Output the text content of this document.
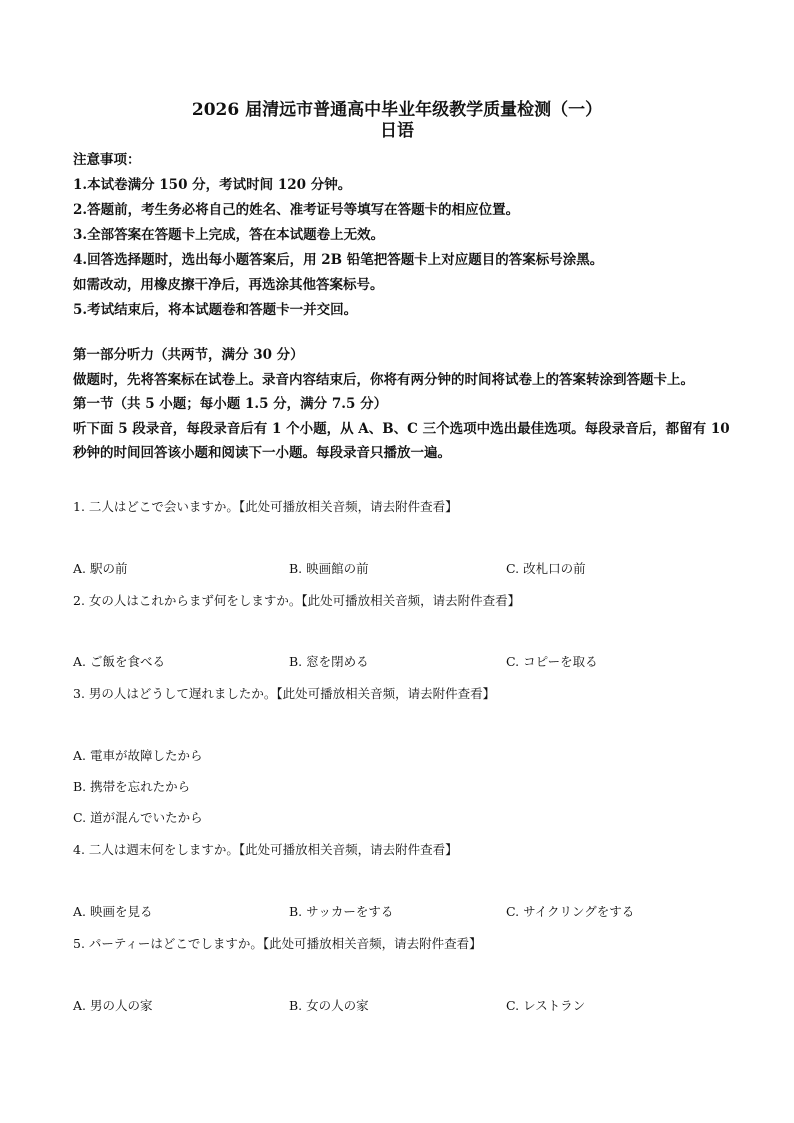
2026 届清远市普通高中毕业年级教学质量检测（一）
日语
注意事项：
1.本试卷满分 150 分，考试时间 120 分钟。
2.答题前，考生务必将自己的姓名、准考证号等填写在答题卡的相应位置。
3.全部答案在答题卡上完成，答在本试题卷上无效。
4.回答选择题时，选出每小题答案后，用 2B 铅笔把答题卡上对应题目的答案标号涂黑。
如需改动，用橡皮擦干净后，再选涂其他答案标号。
5.考试结束后，将本试题卷和答题卡一并交回。
第一部分听力（共两节，满分 30 分）
做题时，先将答案标在试卷上。录音内容结束后，你将有两分钟的时间将试卷上的答案转涂到答题卡上。
第一节（共 5 小题；每小题 1.5 分，满分 7.5 分）
听下面 5 段录音，每段录音后有 1 个小题，从 A、B、C 三个选项中选出最佳选项。每段录音后，都留有 10 秒钟的时间回答该小题和阅读下一小题。每段录音只播放一遍。
1. 二人はどこで会いますか。【此处可播放相关音频，请去附件查看】
A. 駅の前	B. 映画館の前	C. 改札口の前
2. 女の人はこれからまず何をしますか。【此处可播放相关音频，请去附件查看】
A. ご飯を食べる	B. 窓を閉める	C. コピーを取る
3. 男の人はどうして遅れましたか。【此处可播放相关音频，请去附件查看】
A. 電車が故障したから
B. 携帯を忘れたから
C. 道が混んでいたから
4. 二人は週末何をしますか。【此处可播放相关音频，请去附件查看】
A. 映画を見る	B. サッカーをする	C. サイクリングをする
5. パーティーはどこでしますか。【此处可播放相关音频，请去附件查看】
A. 男の人の家	B. 女の人の家	C. レストラン
